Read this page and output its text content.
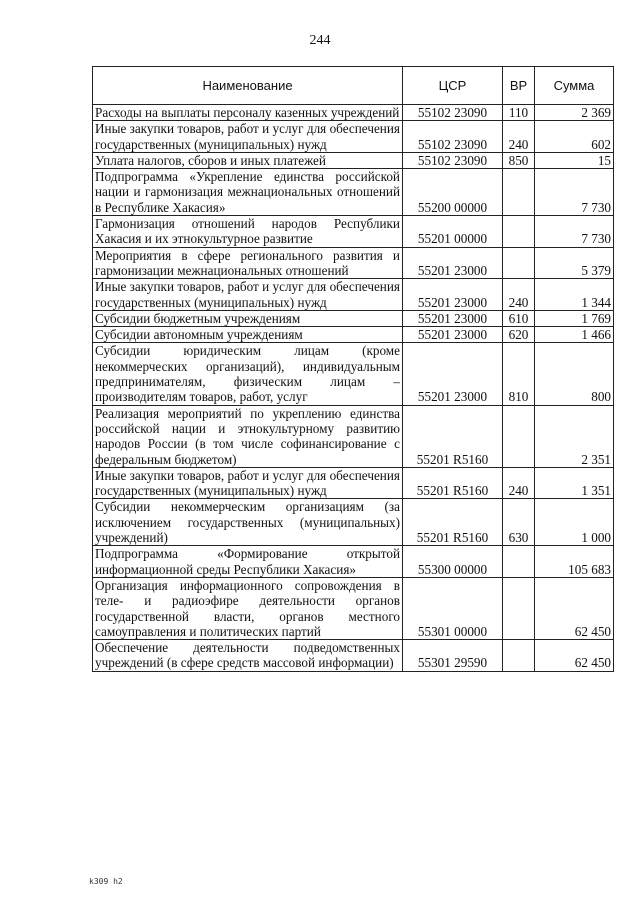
244
Наименование	ЦСР	ВР	Сумма
Расходы на выплаты персоналу казенных учреждений	55102 23090	110	2 369
Иные закупки товаров, работ и услуг для обеспечения государственных (муниципальных) нужд	55102 23090	240	602
Уплата налогов, сборов и иных платежей	55102 23090	850	15
Подпрограмма «Укрепление единства российской нации и гармонизация межнациональных отношений в Республике Хакасия»	55200 00000		7 730
Гармонизация отношений народов Республики Хакасия и их этнокультурное развитие	55201 00000		7 730
Мероприятия в сфере регионального развития и гармонизации межнациональных отношений	55201 23000		5 379
Иные закупки товаров, работ и услуг для обеспечения государственных (муниципальных) нужд	55201 23000	240	1 344
Субсидии бюджетным учреждениям	55201 23000	610	1 769
Субсидии автономным учреждениям	55201 23000	620	1 466
Субсидии юридическим лицам (кроме некоммерческих организаций), индивидуальным предпринимателям, физическим лицам – производителям товаров, работ, услуг	55201 23000	810	800
Реализация мероприятий по укреплению единства российской нации и этнокультурному развитию народов России (в том числе софинансирование с федеральным бюджетом)	55201 R5160		2 351
Иные закупки товаров, работ и услуг для обеспечения государственных (муниципальных) нужд	55201 R5160	240	1 351
Субсидии некоммерческим организациям (за исключением государственных (муниципальных) учреждений)	55201 R5160	630	1 000
Подпрограмма «Формирование открытой информационной среды Республики Хакасия»	55300 00000		105 683
Организация информационного сопровождения в теле- и радиоэфире деятельности органов государственной власти, органов местного самоуправления и политических партий	55301 00000		62 450
Обеспечение деятельности подведомственных учреждений (в сфере средств массовой информации)	55301 29590		62 450
k309 h2
